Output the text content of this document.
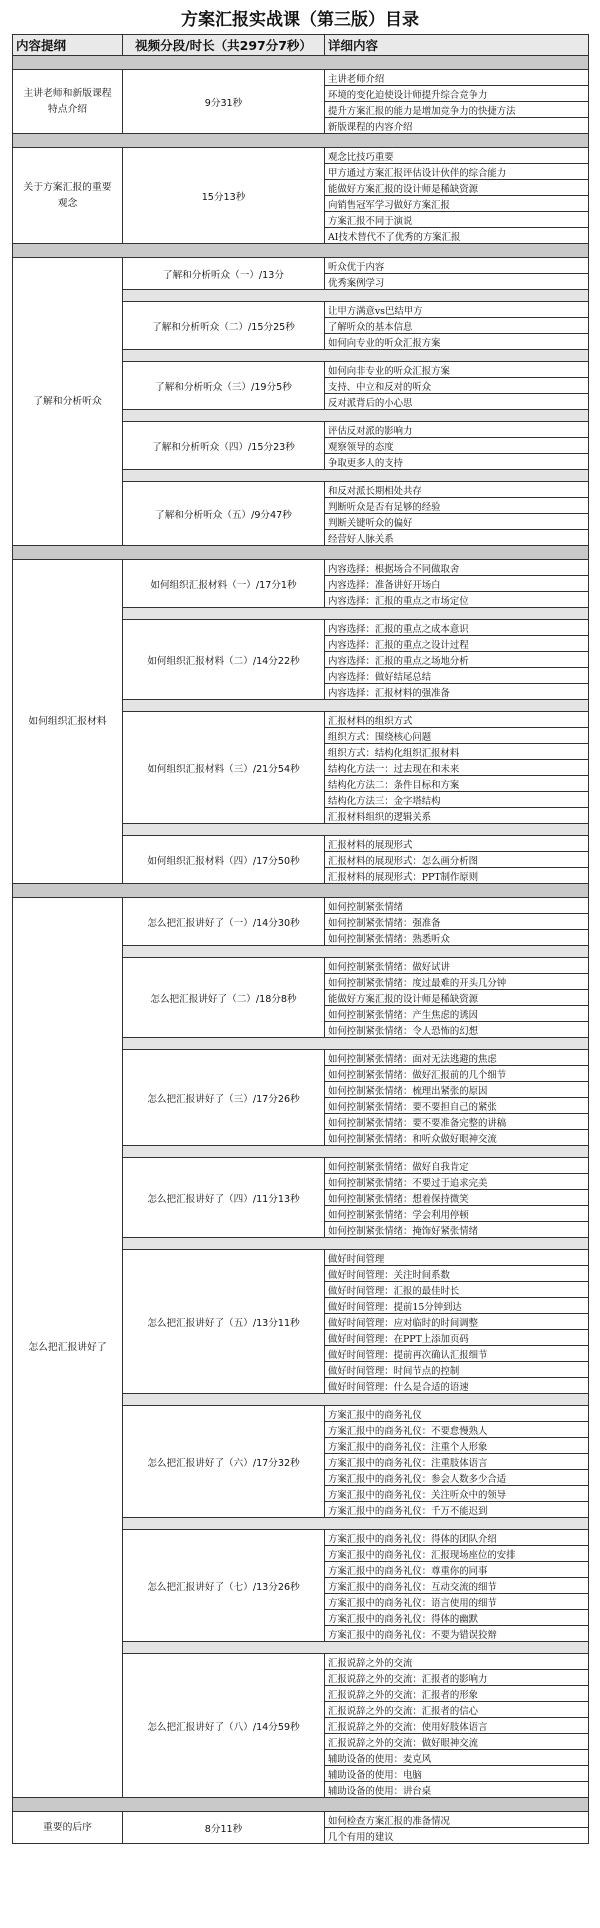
方案汇报实战课（第三版）目录
内容提纲	视频分段/时长（共297分7秒）	详细内容

主讲老师和新版课程特点介绍	9分31秒	主讲老师介绍
		环境的变化迫使设计师提升综合竞争力
		提升方案汇报的能力是增加竞争力的快捷方法
		新版课程的内容介绍

关于方案汇报的重要观念	15分13秒	观念比技巧重要
		甲方通过方案汇报评估设计伙伴的综合能力
		能做好方案汇报的设计师是稀缺资源
		向销售冠军学习做好方案汇报
		方案汇报不同于演说
		AI技术替代不了优秀的方案汇报

了解和分析听众	了解和分析听众（一）/13分	听众优于内容
		优秀案例学习

	了解和分析听众（二）/15分25秒	让甲方满意vs巴结甲方
		了解听众的基本信息
		如何向专业的听众汇报方案

	了解和分析听众（三）/19分5秒	如何向非专业的听众汇报方案
		支持、中立和反对的听众
		反对派背后的小心思

	了解和分析听众（四）/15分23秒	评估反对派的影响力
		观察领导的态度
		争取更多人的支持

	了解和分析听众（五）/9分47秒	和反对派长期相处共存
		判断听众是否有足够的经验
		判断关键听众的偏好
		经营好人脉关系

如何组织汇报材料	如何组织汇报材料（一）/17分1秒	内容选择：根据场合不同做取舍
		内容选择：准备讲好开场白
		内容选择：汇报的重点之市场定位

	如何组织汇报材料（二）/14分22秒	内容选择：汇报的重点之成本意识
		内容选择：汇报的重点之设计过程
		内容选择：汇报的重点之场地分析
		内容选择：做好结尾总结
		内容选择：汇报材料的强准备

	如何组织汇报材料（三）/21分54秒	汇报材料的组织方式
		组织方式：围绕核心问题
		组织方式：结构化组织汇报材料
		结构化方法一：过去现在和未来
		结构化方法二：条件目标和方案
		结构化方法三：金字塔结构
		汇报材料组织的逻辑关系

	如何组织汇报材料（四）/17分50秒	汇报材料的展现形式
		汇报材料的展现形式：怎么画分析图
		汇报材料的展现形式：PPT制作原则

怎么把汇报讲好了	怎么把汇报讲好了（一）/14分30秒	如何控制紧张情绪
		如何控制紧张情绪：强准备
		如何控制紧张情绪：熟悉听众

	怎么把汇报讲好了（二）/18分8秒	如何控制紧张情绪：做好试讲
		如何控制紧张情绪：度过最难的开头几分钟
		能做好方案汇报的设计师是稀缺资源
		如何控制紧张情绪：产生焦虑的诱因
		如何控制紧张情绪：令人恐怖的幻想

	怎么把汇报讲好了（三）/17分26秒	如何控制紧张情绪：面对无法逃避的焦虑
		如何控制紧张情绪：做好汇报前的几个细节
		如何控制紧张情绪：梳理出紧张的原因
		如何控制紧张情绪：要不要担自己的紧张
		如何控制紧张情绪：要不要准备完整的讲稿
		如何控制紧张情绪：和听众做好眼神交流

	怎么把汇报讲好了（四）/11分13秒	如何控制紧张情绪：做好自我肯定
		如何控制紧张情绪：不要过于追求完美
		如何控制紧张情绪：想着保持微笑
		如何控制紧张情绪：学会利用停顿
		如何控制紧张情绪：掩饰好紧张情绪

	怎么把汇报讲好了（五）/13分11秒	做好时间管理
		做好时间管理：关注时间系数
		做好时间管理：汇报的最佳时长
		做好时间管理：提前15分钟到达
		做好时间管理：应对临时的时间调整
		做好时间管理：在PPT上添加页码
		做好时间管理：提前再次确认汇报细节
		做好时间管理：时间节点的控制
		做好时间管理：什么是合适的语速

	怎么把汇报讲好了（六）/17分32秒	方案汇报中的商务礼仪
		方案汇报中的商务礼仪：不要怠慢熟人
		方案汇报中的商务礼仪：注重个人形象
		方案汇报中的商务礼仪：注重肢体语言
		方案汇报中的商务礼仪：参会人数多少合适
		方案汇报中的商务礼仪：关注听众中的领导
		方案汇报中的商务礼仪：千万不能迟到

	怎么把汇报讲好了（七）/13分26秒	方案汇报中的商务礼仪：得体的团队介绍
		方案汇报中的商务礼仪：汇报现场座位的安排
		方案汇报中的商务礼仪：尊重你的同事
		方案汇报中的商务礼仪：互动交流的细节
		方案汇报中的商务礼仪：语言使用的细节
		方案汇报中的商务礼仪：得体的幽默
		方案汇报中的商务礼仪：不要为错误狡辩

	怎么把汇报讲好了（八）/14分59秒	汇报说辞之外的交流
		汇报说辞之外的交流：汇报者的影响力
		汇报说辞之外的交流：汇报者的形象
		汇报说辞之外的交流：汇报者的信心
		汇报说辞之外的交流：使用好肢体语言
		汇报说辞之外的交流：做好眼神交流
		辅助设备的使用：麦克风
		辅助设备的使用：电脑
		辅助设备的使用：讲台桌

重要的后序	8分11秒	如何检查方案汇报的准备情况
		几个有用的建议
